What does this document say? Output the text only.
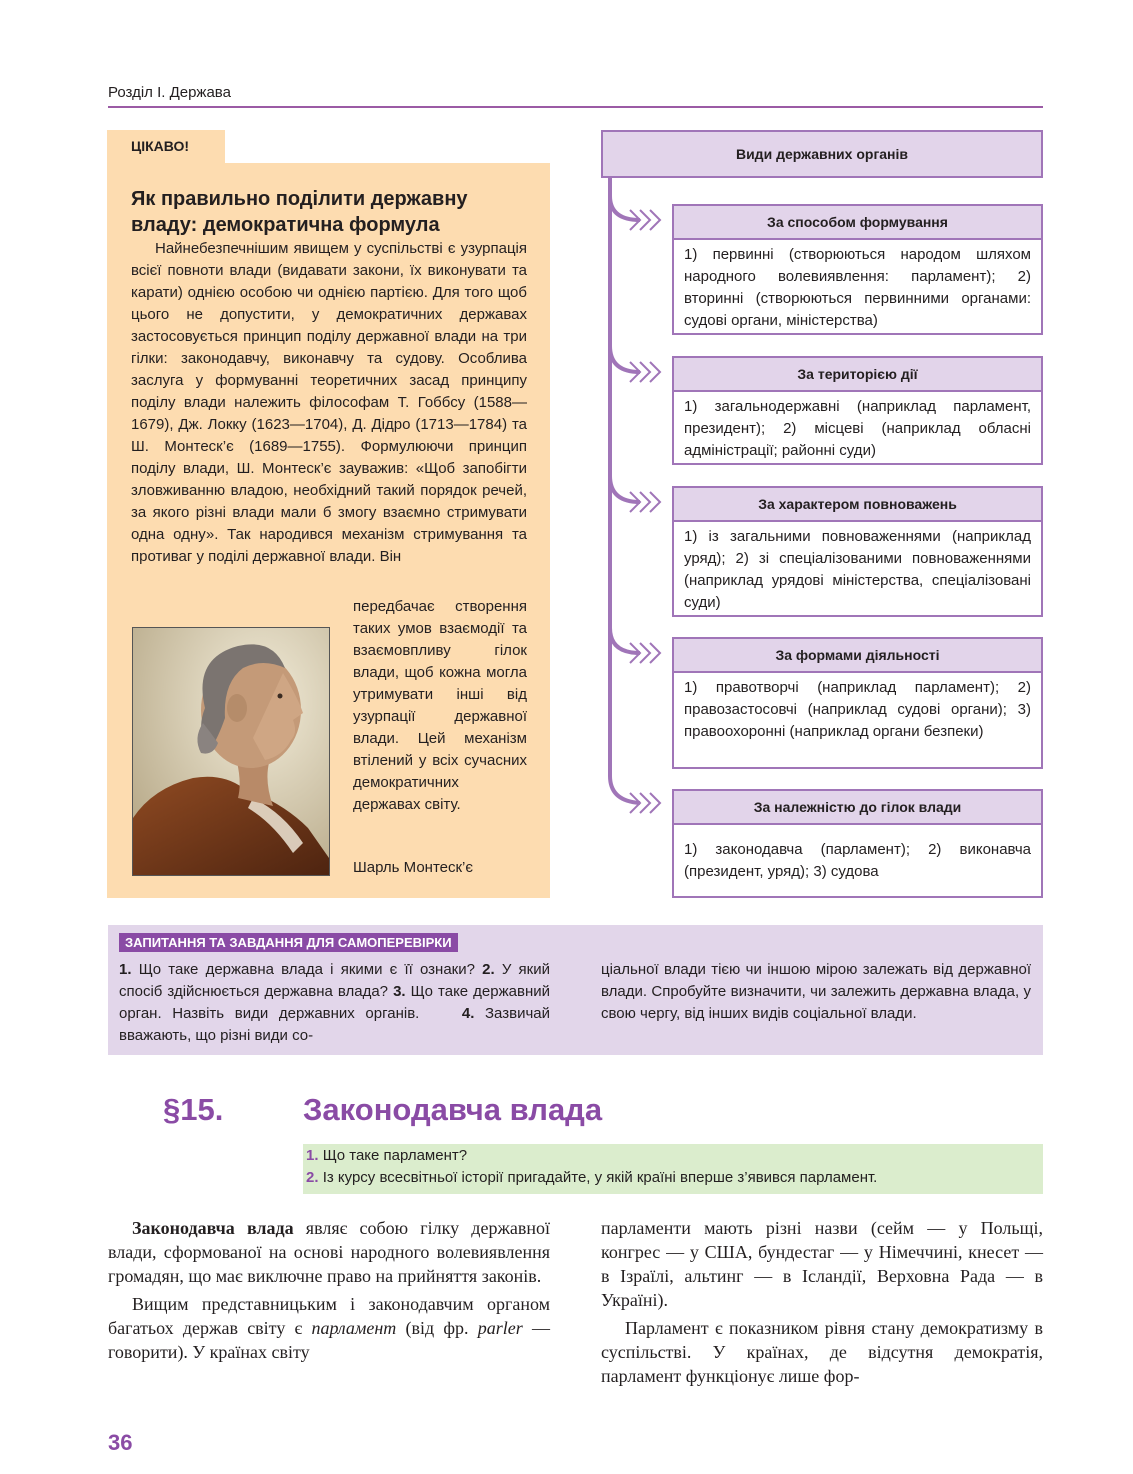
Розділ І. Держава
ЦІКАВО!
Як правильно поділити державну владу: демократична формула

Найнебезпечнішим явищем у суспільстві є узурпація всієї повноти влади (видавати закони, їх виконувати та карати) однією особою чи однією партією. Для того щоб цього не допустити, у демократичних державах застосовується принцип поділу державної влади на три гілки: законодавчу, виконавчу та судову. Особлива заслуга у формуванні теоретичних засад принципу поділу влади належить філософам Т. Гоббсу (1588—1679), Дж. Локку (1623—1704), Д. Дідро (1713—1784) та Ш. Монтеск’є (1689—1755). Формулюючи принцип поділу влади, Ш. Монтеск’є зауважив: «Щоб запобігти зловживанню владою, необхідний такий порядок речей, за якого різні влади мали б змогу взаємно стримувати одна одну». Так народився механізм стримування та противаг у поділі державної влади. Він

передбачає створення таких умов взаємодії та взаємовпливу гілок влади, щоб кожна могла утримувати інші від узурпації державної влади. Цей механізм втілений у всіх сучасних демократичних державах світу.

Шарль Монтеск’є
Види державних органів
За способом формування
1) первинні (створюються народом шляхом народного волевиявлення: парламент); 2) вторинні (створюються первинними органами: судові органи, міністерства)
За територією дії
1) загальнодержавні (наприклад парламент, президент); 2) місцеві (наприклад обласні адміністрації; районні суди)
За характером повноважень
1) із загальними повноваженнями (наприклад уряд); 2) зі спеціалізованими повноваженнями (наприклад урядові міністерства, спеціалізовані суди)
За формами діяльності
1) правотворчі (наприклад парламент); 2) правозастосовчі (наприклад судові органи); 3) правоохоронні (наприклад органи безпеки)
За належністю до гілок влади
1) законодавча (парламент); 2) виконавча (президент, уряд); 3) судова
ЗАПИТАННЯ ТА ЗАВДАННЯ ДЛЯ САМОПЕРЕВІРКИ

1. Що таке державна влада і якими є її ознаки? 2. У який спосіб здійснюється державна влада? 3. Що таке державний орган. Назвіть види державних органів.	4. Зазвичай вважають, що різні види со-

ціальної влади тією чи іншою мірою залежать від державної влади. Спробуйте визначити, чи залежить державна влада, у свою чергу, від інших видів соціальної влади.

§15.	Законодавча влада
1. Що таке парламент?
2. Із курсу всесвітньої історії пригадайте, у якій країні вперше з’явився парламент.

Законодавча влада являє собою гілку державної влади, сформованої на основі народного волевиявлення громадян, що має виключне право на прийняття законів.

Вищим представницьким і законодавчим органом багатьох держав світу є парламент (від фр. parler — говорити). У країнах світу

парламенти мають різні назви (сейм — у Польщі, конгрес — у США, бундестаг — у Німеччині, кнесет — в Ізраїлі, альтинг — в Ісландії, Верховна Рада — в Україні).

Парламент є показником рівня стану демократизму в суспільстві. У країнах, де відсутня демократія, парламент функціонує лише фор-

36
